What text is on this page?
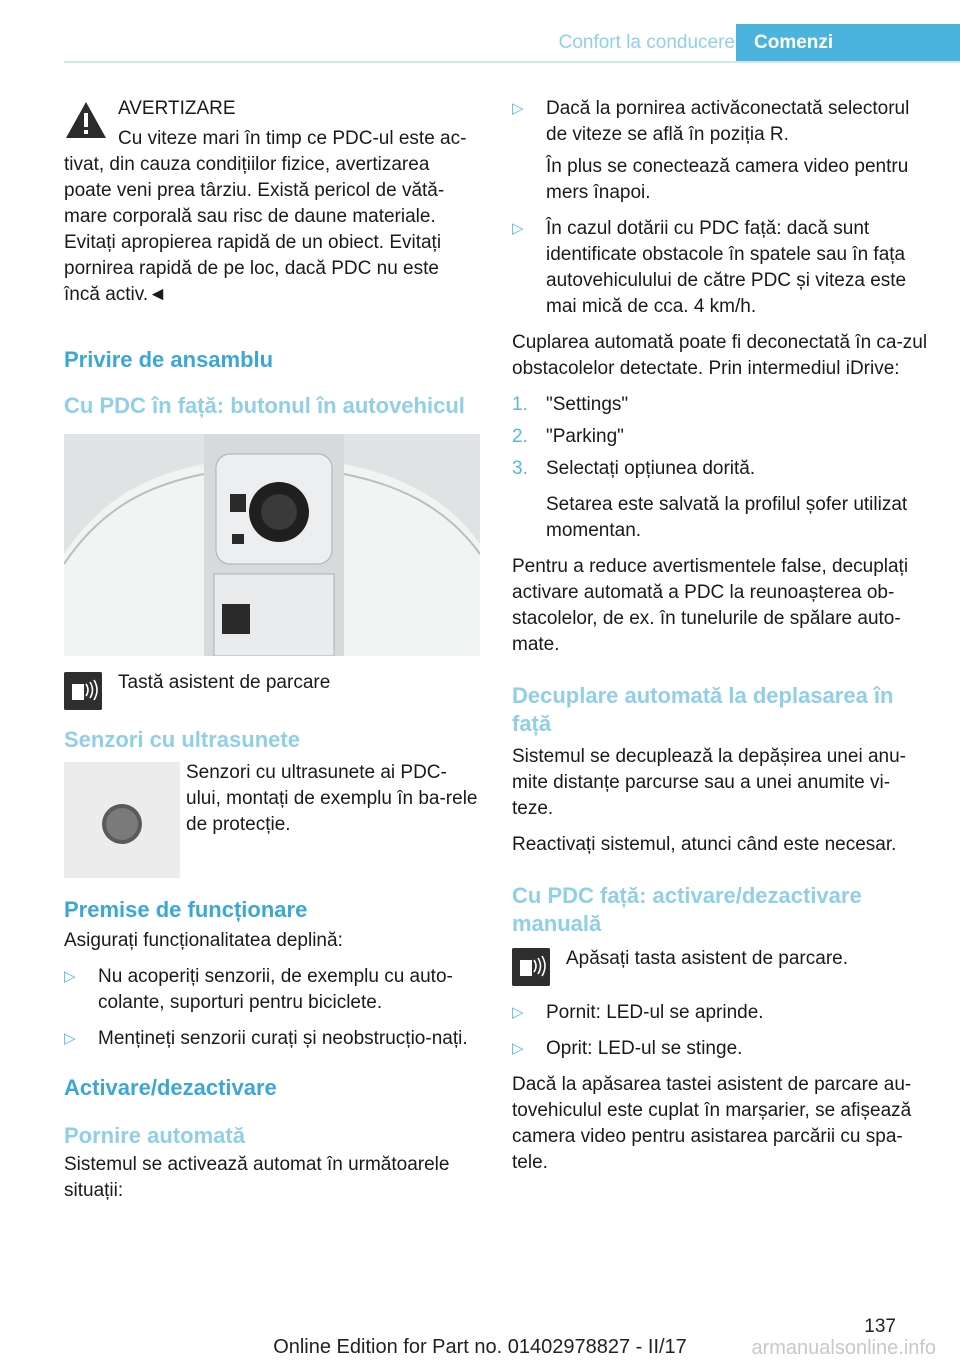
Confort la conducere	Comenzi

AVERTIZARE

Cu viteze mari în timp ce PDC-ul este ac-

tivat, din cauza condițiilor fizice, avertizarea poate veni prea târziu. Există pericol de vătă-mare corporală sau risc de daune materiale. Evitați apropierea rapidă de un obiect. Evitați pornirea rapidă de pe loc, dacă PDC nu este încă activ.◄

Privire de ansamblu
Cu PDC în față: butonul în autovehicul

Tastă asistent de parcare

Senzori cu ultrasunete

Senzori cu ultrasunete ai PDC-ului, montați de exemplu în ba-rele de protecție.

Premise de funcționare

Asigurați funcționalitatea deplină:

▷ Nu acoperiți senzorii, de exemplu cu auto-colante, suporturi pentru biciclete.
▷ Mențineți senzorii curați și neobstrucțio-nați.
Activare/dezactivare
Pornire automată

Sistemul se activează automat în următoarele situații:

▷ Dacă la pornirea activăconectată selectorul de viteze se află în poziția R.

În plus se conectează camera video pentru mers înapoi.

▷ În cazul dotării cu PDC față: dacă sunt identificate obstacole în spatele sau în fața autovehiculului de către PDC și viteza este mai mică de cca. 4 km/h.

Cuplarea automată poate fi deconectată în ca-zul obstacolelor detectate. Prin intermediul iDrive:

1. "Settings"
2. "Parking"
3. Selectați opțiunea dorită.

Setarea este salvată la profilul șofer utilizat momentan.

Pentru a reduce avertismentele false, decuplați activare automată a PDC la reunoașterea ob-stacolelor, de ex. în tunelurile de spălare auto-mate.

Decuplare automată la deplasarea în față

Sistemul se decuplează la depășirea unei anu-mite distanțe parcurse sau a unei anumite vi-teze.

Reactivați sistemul, atunci când este necesar.

Cu PDC față: activare/dezactivare manuală

Apăsați tasta asistent de parcare.

▷ Pornit: LED-ul se aprinde.
▷ Oprit: LED-ul se stinge.

Dacă la apăsarea tastei asistent de parcare au-tovehiculul este cuplat în marșarier, se afișează camera video pentru asistarea parcării cu spa-tele.

137
Online Edition for Part no. 01402978827 - II/17	armanualsonline.info
